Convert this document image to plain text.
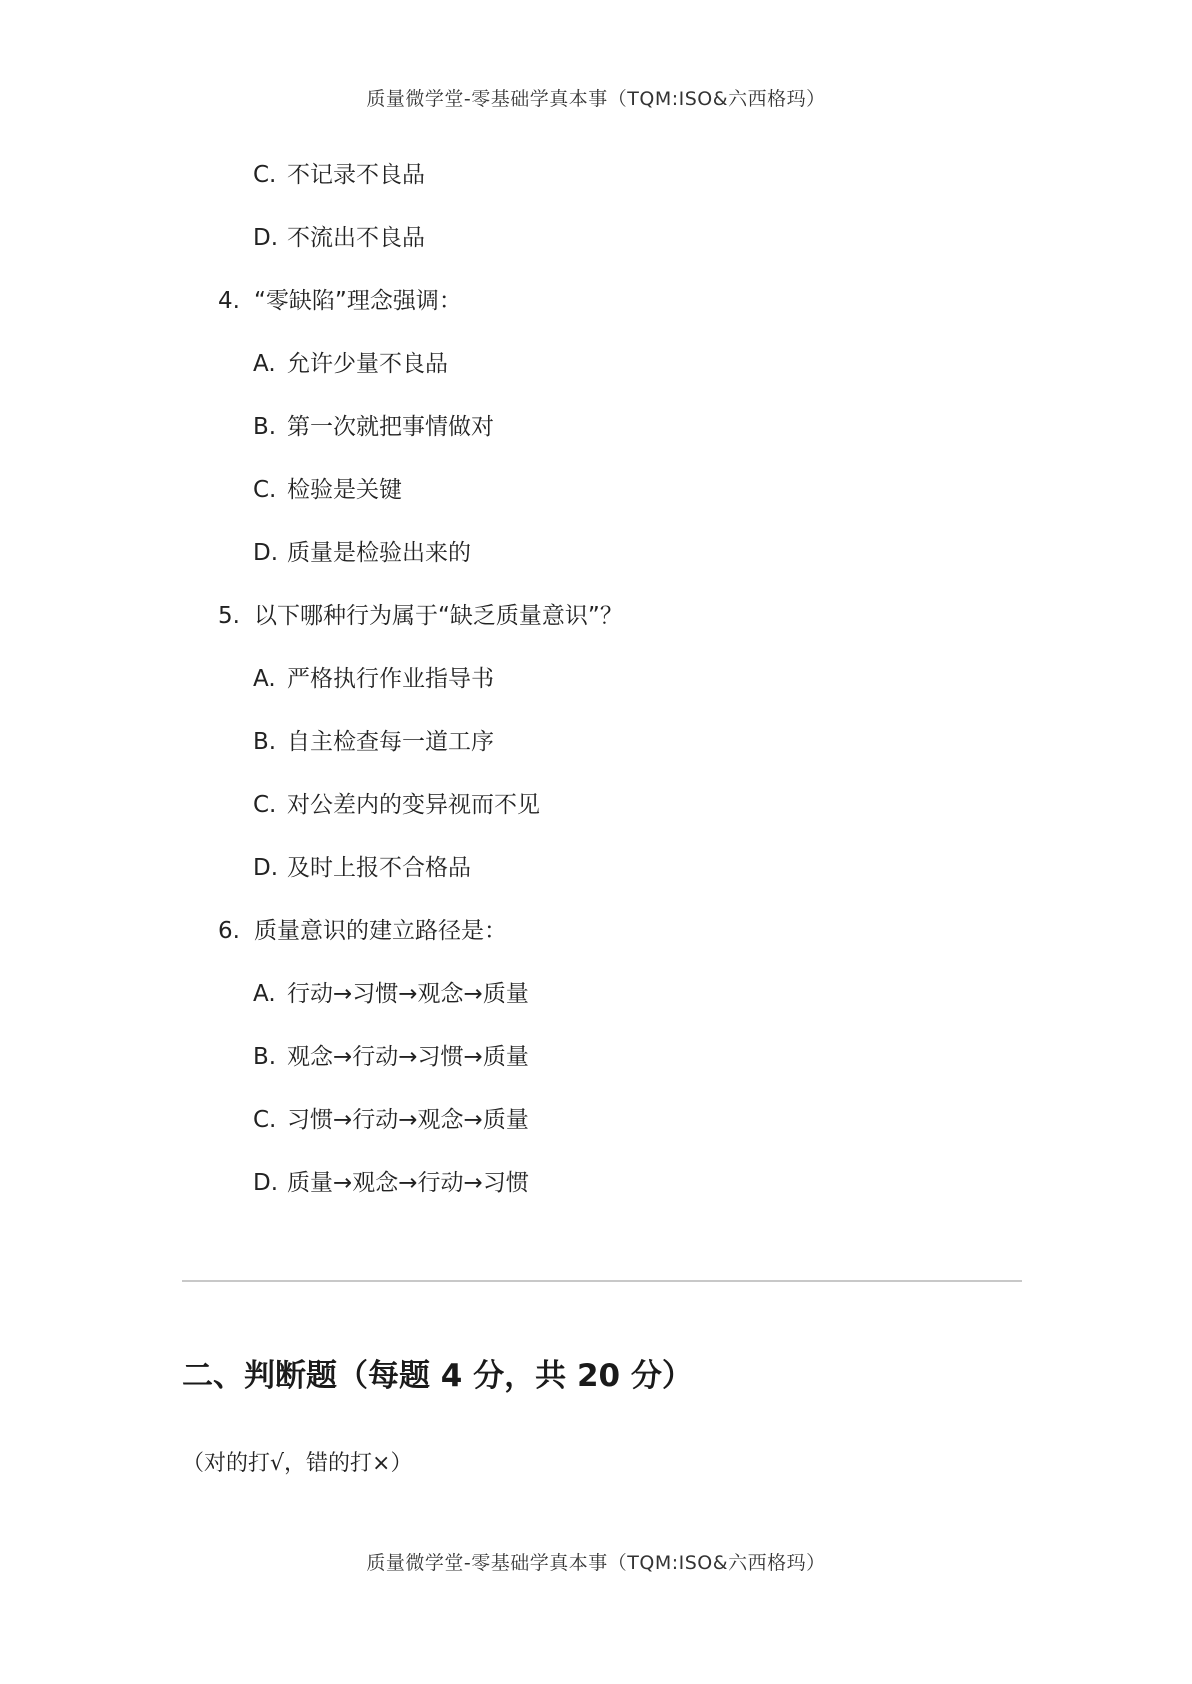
质量微学堂-零基础学真本事（TQM:ISO&六西格玛）
C. 不记录不良品
D. 不流出不良品
4. “零缺陷”理念强调：
A. 允许少量不良品
B. 第一次就把事情做对
C. 检验是关键
D. 质量是检验出来的
5. 以下哪种行为属于“缺乏质量意识”？
A. 严格执行作业指导书
B. 自主检查每一道工序
C. 对公差内的变异视而不见
D. 及时上报不合格品
6. 质量意识的建立路径是：
A. 行动→习惯→观念→质量
B. 观念→行动→习惯→质量
C. 习惯→行动→观念→质量
D. 质量→观念→行动→习惯
二、判断题（每题 4 分，共 20 分）
（对的打√，错的打×）
质量微学堂-零基础学真本事（TQM:ISO&六西格玛）
